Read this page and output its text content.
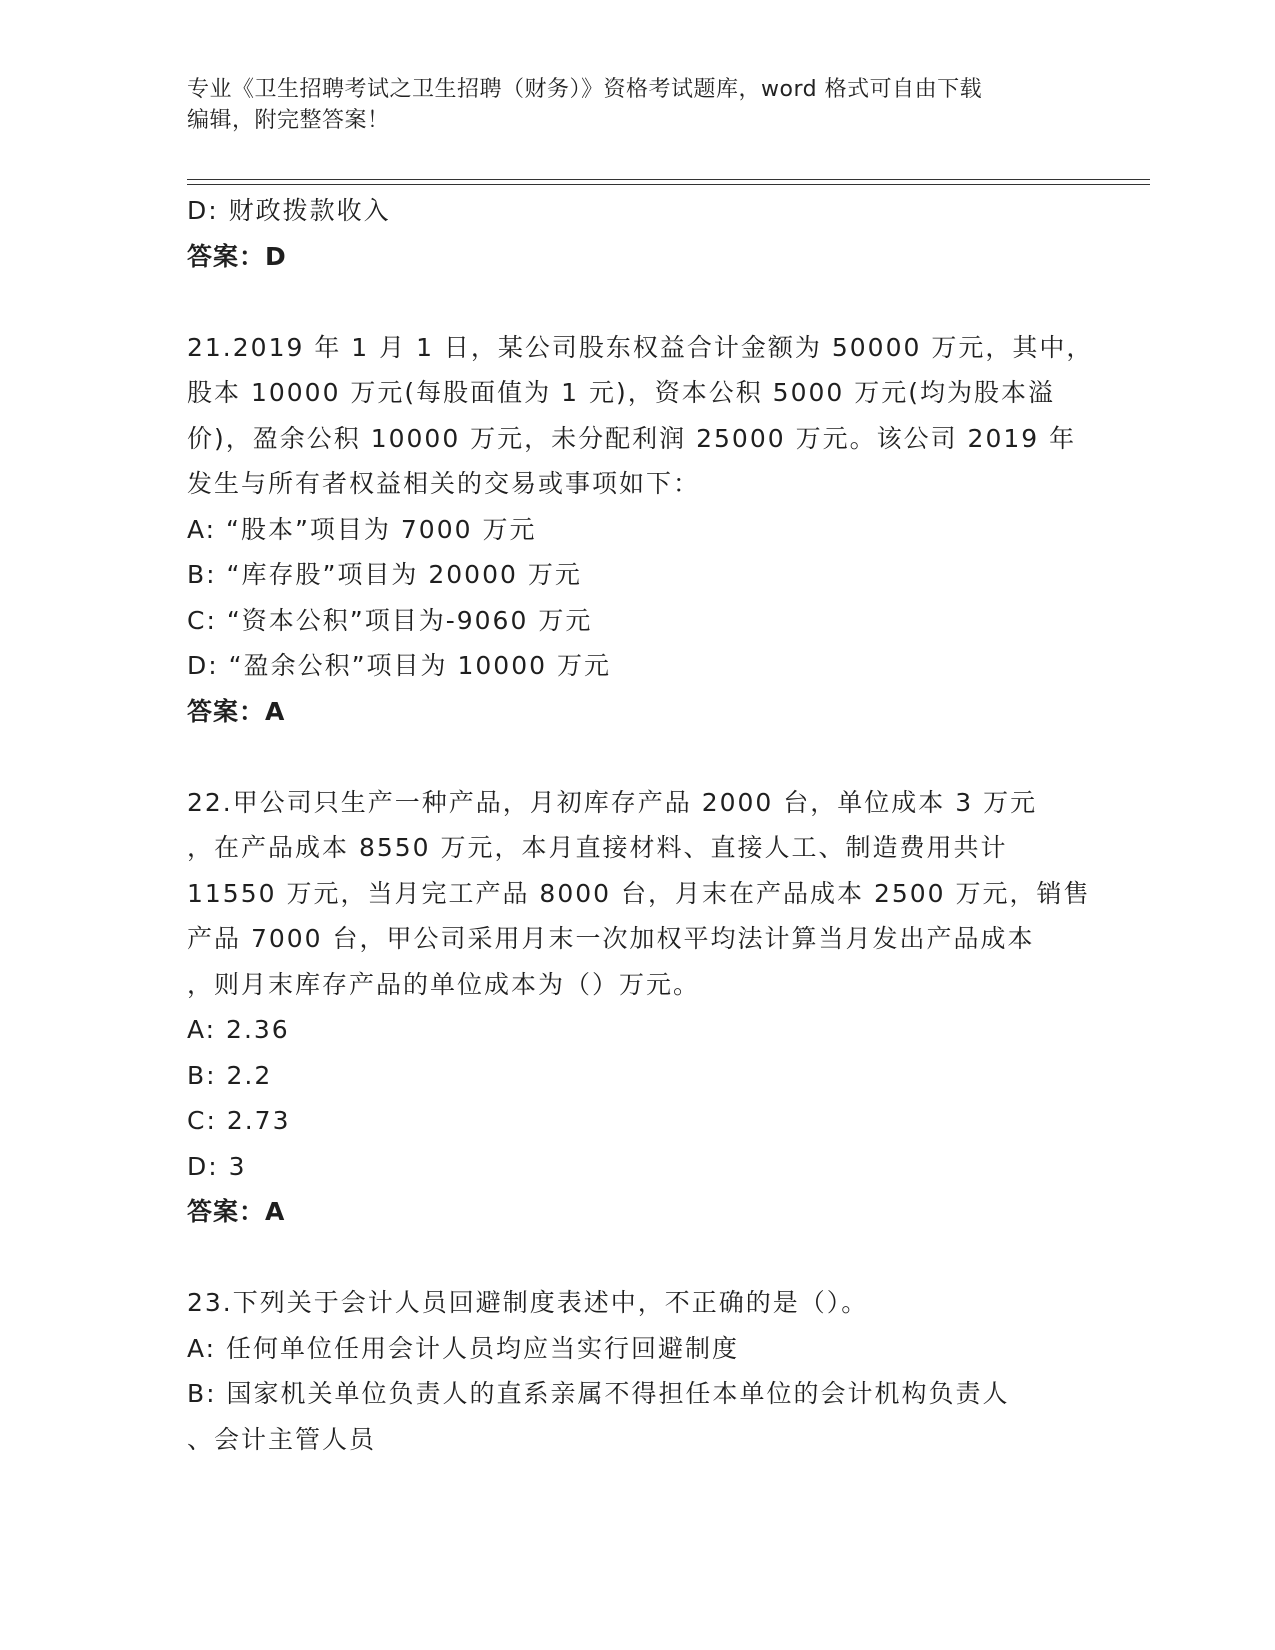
专业《卫生招聘考试之卫生招聘（财务）》资格考试题库，word 格式可自由下载
编辑，附完整答案！
D: 财政拨款收入
答案：D
21.2019 年 1 月 1 日，某公司股东权益合计金额为 50000 万元，其中，
股本 10000 万元(每股面值为 1 元)，资本公积 5000 万元(均为股本溢
价)，盈余公积 10000 万元，未分配利润 25000 万元。该公司 2019 年
发生与所有者权益相关的交易或事项如下：
A: “股本”项目为 7000 万元
B: “库存股”项目为 20000 万元
C: “资本公积”项目为-9060 万元
D: “盈余公积”项目为 10000 万元
答案：A
22.甲公司只生产一种产品，月初库存产品 2000 台，单位成本 3 万元
，在产品成本 8550 万元，本月直接材料、直接人工、制造费用共计
11550 万元，当月完工产品 8000 台，月末在产品成本 2500 万元，销售
产品 7000 台，甲公司采用月末一次加权平均法计算当月发出产品成本
，则月末库存产品的单位成本为（）万元。
A: 2.36
B: 2.2
C: 2.73
D: 3
答案：A
23.下列关于会计人员回避制度表述中，不正确的是（）。
A: 任何单位任用会计人员均应当实行回避制度
B: 国家机关单位负责人的直系亲属不得担任本单位的会计机构负责人
、会计主管人员
